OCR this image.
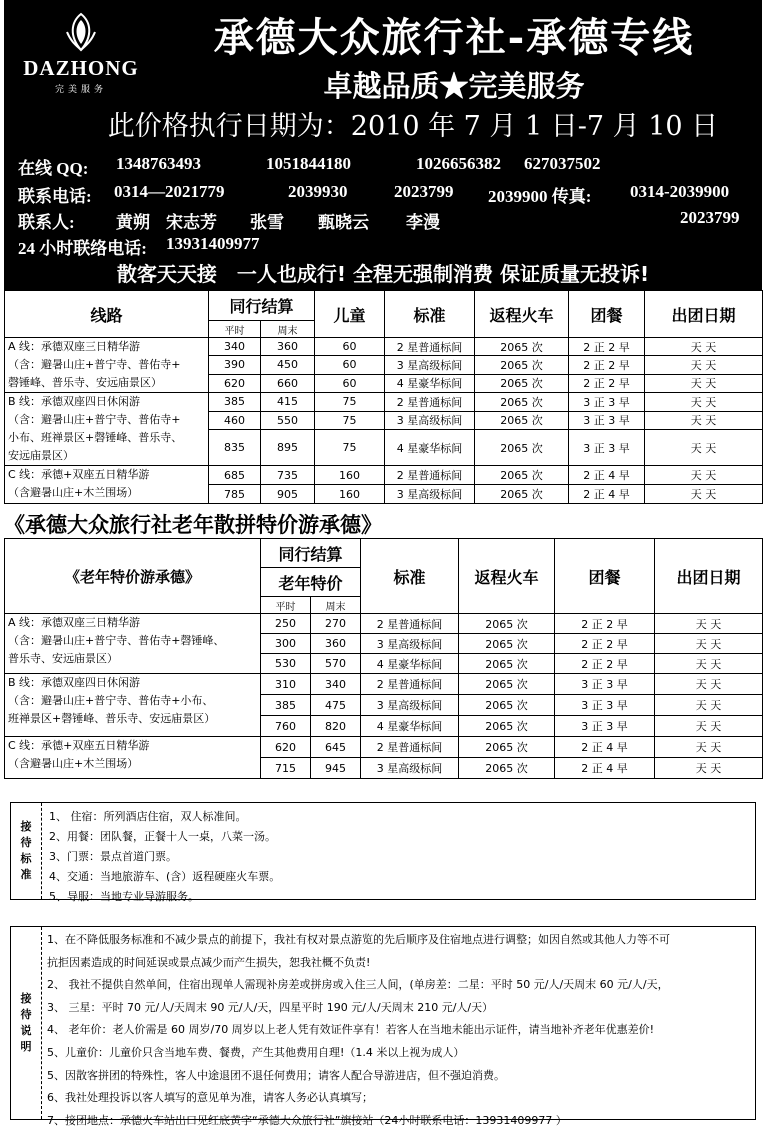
DAZHONG
完美服务
承德大众旅行社-承德专线
卓越品质★完美服务
此价格执行日期为：2010 年 7 月 1 日-7 月 10 日
在线 QQ: 1348763493	1051844180	1026656382 627037502
联系电话: 0314—2021779	2039930	2023799 2039900 传真: 0314-2039900
联系人: 黄朔 宋志芳 张雪 甄晓云 李漫	2023799
24 小时联络电话: 13931409977
散客天天接　一人也成行! 全程无强制消费 保证质量无投诉!
线路	同行结算		儿童	标准	返程火车	团餐	出团日期
	平时	周末					
A 线：承德双座三日精华游
（含：避暑山庄+普宁寺、普佑寺+
磬锤峰、普乐寺、安远庙景区）	340	360	60	2 星普通标间	2065 次	2 正 2 早	天 天
	390	450	60	3 星高级标间	2065 次	2 正 2 早	天 天
	620	660	60	4 星豪华标间	2065 次	2 正 2 早	天 天
B 线：承德双座四日休闲游
（含：避暑山庄+普宁寺、普佑寺+
小布、班禅景区+磬锤峰、普乐寺、
安远庙景区）	385	415	75	2 星普通标间	2065 次	3 正 3 早	天 天
	460	550	75	3 星高级标间	2065 次	3 正 3 早	天 天
	835	895	75	4 星豪华标间	2065 次	3 正 3 早	天 天
C 线：承德+双座五日精华游
（含避暑山庄+木兰围场）	685	735	160	2 星普通标间	2065 次	2 正 4 早	天 天
	785	905	160	3 星高级标间	2065 次	2 正 4 早	天 天
《承德大众旅行社老年散拼特价游承德》
《老年特价游承德》	同行结算		标准	返程火车	团餐	出团日期
	老年特价					
	平时	周末				
A 线：承德双座三日精华游
（含：避暑山庄+普宁寺、普佑寺+磬锤峰、
普乐寺、安远庙景区）	250	270	2 星普通标间	2065 次	2 正 2 早	天 天
	300	360	3 星高级标间	2065 次	2 正 2 早	天 天
	530	570	4 星豪华标间	2065 次	2 正 2 早	天 天
B 线：承德双座四日休闲游
（含：避暑山庄+普宁寺、普佑寺+小布、
班禅景区+磬锤峰、普乐寺、安远庙景区）	310	340	2 星普通标间	2065 次	3 正 3 早	天 天
	385	475	3 星高级标间	2065 次	3 正 3 早	天 天
	760	820	4 星豪华标间	2065 次	3 正 3 早	天 天
C 线：承德+双座五日精华游
（含避暑山庄+木兰围场）	620	645	2 星普通标间	2065 次	2 正 4 早	天 天
	715	945	3 星高级标间	2065 次	2 正 4 早	天 天
接
待
标
准
1、 住宿：所列酒店住宿，双人标准间。
2、用餐：团队餐，正餐十人一桌，八菜一汤。
3、门票：景点首道门票。
4、交通：当地旅游车、(含）返程硬座火车票。
5、导服：当地专业导游服务。
接
待
说
明
1、在不降低服务标准和不减少景点的前提下，我社有权对景点游览的先后顺序及住宿地点进行调整；如因自然或其他人力等不可
抗拒因素造成的时间延误或景点减少而产生损失，恕我社概不负责!
2、 我社不提供自然单间，住宿出现单人需现补房差或拼房或入住三人间，(单房差：二星：平时 50 元/人/天周末 60 元/人/天，
3、 三星：平时 70 元/人/天周末 90 元/人/天，四星平时 190 元/人/天周末 210 元/人/天）
4、 老年价：老人价需是 60 周岁/70 周岁以上老人凭有效证件享有！若客人在当地未能出示证件，请当地补齐老年优惠差价!
5、儿童价：儿童价只含当地车费、餐费，产生其他费用自理!（1.4 米以上视为成人）
5、因散客拼团的特殊性，客人中途退团不退任何费用；请客人配合导游进店，但不强迫消费。
6、我社处理投诉以客人填写的意见单为准，请客人务必认真填写；
7、接团地点：承德火车站出口见红底黄字“承德大众旅行社”旗接站（24小时联系电话：13931409977 ）
